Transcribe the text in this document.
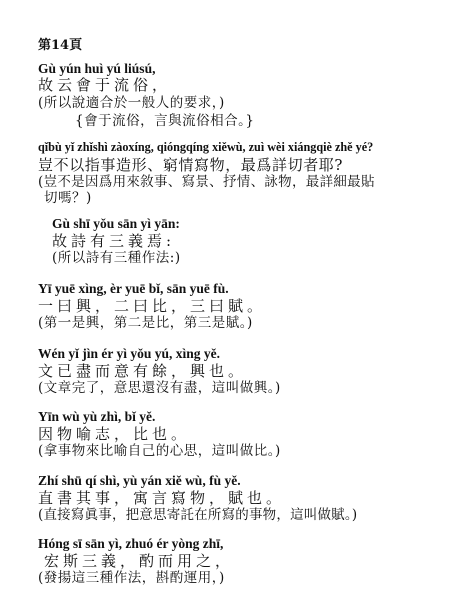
第14頁
Gù yún huì yú liúsú,
故云會于流俗，
(所以說適合於一般人的要求，)
{會于流俗，言與流俗相合。}
qǐbù yǐ zhǐshì zàoxíng, qióngqíng xiěwù, zuì wèi xiángqiè zhě yé?
豈不以指事造形、窮情寫物，最爲詳切者耶?
(豈不是因爲用來敘事、寫景、抒情、詠物，最詳細最貼
切嗎？)
Gù shī yǒu sān yì yān:
故詩有三義焉:
(所以詩有三種作法:)
Yī yuē xìng, èr yuē bǐ, sān yuē fù.
一曰興，二曰比，三曰賦。
(第一是興，第二是比，第三是賦。)
Wén yǐ jìn ér yì yǒu yú, xìng yě.
文已盡而意有餘，興也。
(文章完了，意思還沒有盡，這叫做興。)
Yīn wù yù zhì, bǐ yě.
因物喻志，比也。
(拿事物來比喻自己的心思，這叫做比。)
Zhí shū qí shì, yù yán xiě wù, fù yě.
直書其事，寓言寫物，賦也。
(直接寫眞事，把意思寄託在所寫的事物，這叫做賦。)
Hóng sī sān yì, zhuó ér yòng zhī,
宏斯三義，酌而用之，
(發揚這三種作法，斟酌運用，)
